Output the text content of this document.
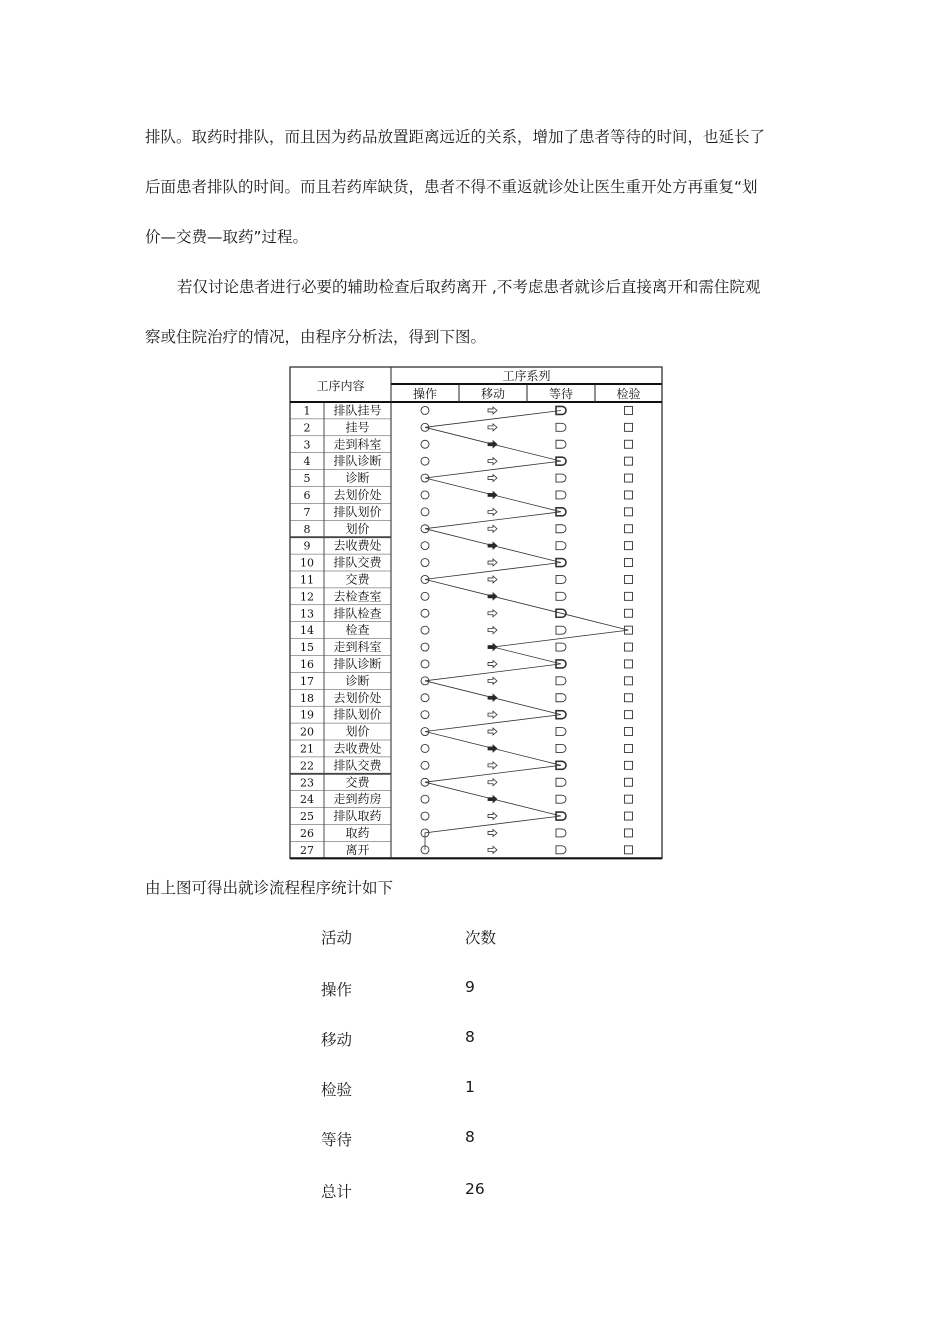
排队。取药时排队，而且因为药品放置距离远近的关系，增加了患者等待的时间，也延长了

后面患者排队的时间。而且若药库缺货，患者不得不重返就诊处让医生重开处方再重复“划

价—交费—取药”过程。

若仅讨论患者进行必要的辅助检查后取药离开 ,不考虑患者就诊后直接离开和需住院观

察或住院治疗的情况，由程序分析法，得到下图。

工序内容
工序系列
操作	移动	等待	检验
1 排队挂号
2	挂号
3 走到科室
4 排队诊断
5	诊断
6 去划价处
7 排队划价
8	划价
9 去收费处
10 排队交费
11	交费
12 去检查室
13 排队检查
14	检查
15 走到科室
16 排队诊断
17	诊断
18 去划价处
19 排队划价
20	划价
21 去收费处
22 排队交费
23	交费
24 走到药房
25 排队取药
26	取药
27	离开
由上图可得出就诊流程程序统计如下
活动	次数
操作	9
移动	8
检验	1
等待	8
总计	26
